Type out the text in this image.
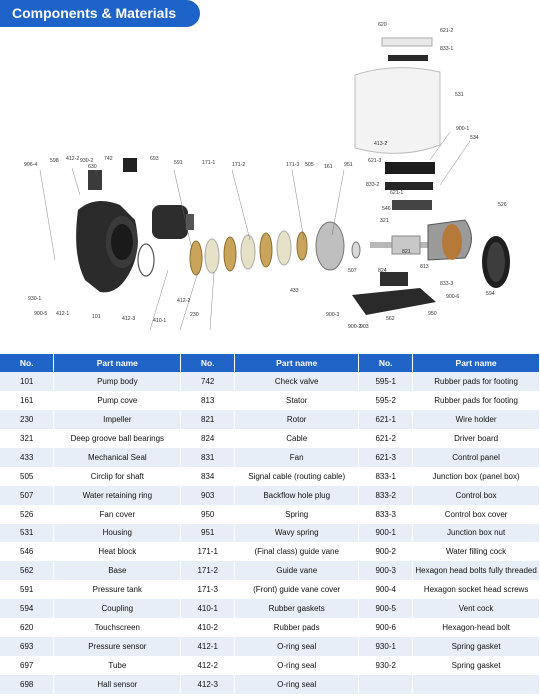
Components & Materials
906-4
598 412-2 930-2
630
742	693
591	171-1	171-2	171-3 505 161 951
620
621-2
833-1
531
413-2
900-1
534
621-3
833-2
621-1
546
526
321
821
507	824
813
562
833-3
900-6	594
930-1
900-5 412-1	101	412-3	410-1
412-2
230
433
900-3
903
950
900-2
No.	Part name	No.	Part name	No.	Part name
101	Pump body	742	Check valve	595-1	Rubber pads for footing
161	Pump cove	813	Stator	595-2	Rubber pads for footing
230	Impeller	821	Rotor	621-1	Wire holder
321	Deep groove ball bearings	824	Cable	621-2	Driver board
433	Mechanical Seal	831	Fan	621-3	Control panel
505	Circlip for shaft	834	Signal cable (routing cable)	833-1	Junction box (panel box)
507	Water retaining ring	903	Backflow hole plug	833-2	Control box
526	Fan cover	950	Spring	833-3	Control box cover
531	Housing	951	Wavy spring	900-1	Junction box nut
546	Heat block	171-1	(Final class) guide vane	900-2	Water filling cock
562	Base	171-2	Guide vane	900-3	Hexagon head bolts fully threaded
591	Pressure tank	171-3	(Front) guide vane cover	900-4	Hexagon socket head screws
594	Coupling	410-1	Rubber gaskets	900-5	Vent cock
620	Touchscreen	410-2	Rubber pads	900-6	Hexagon-head bolt
693	Pressure sensor	412-1	O-ring seal	930-1	Spring gasket
697	Tube	412-2	O-ring seal	930-2	Spring gasket
698	Hall sensor	412-3	O-ring seal		
